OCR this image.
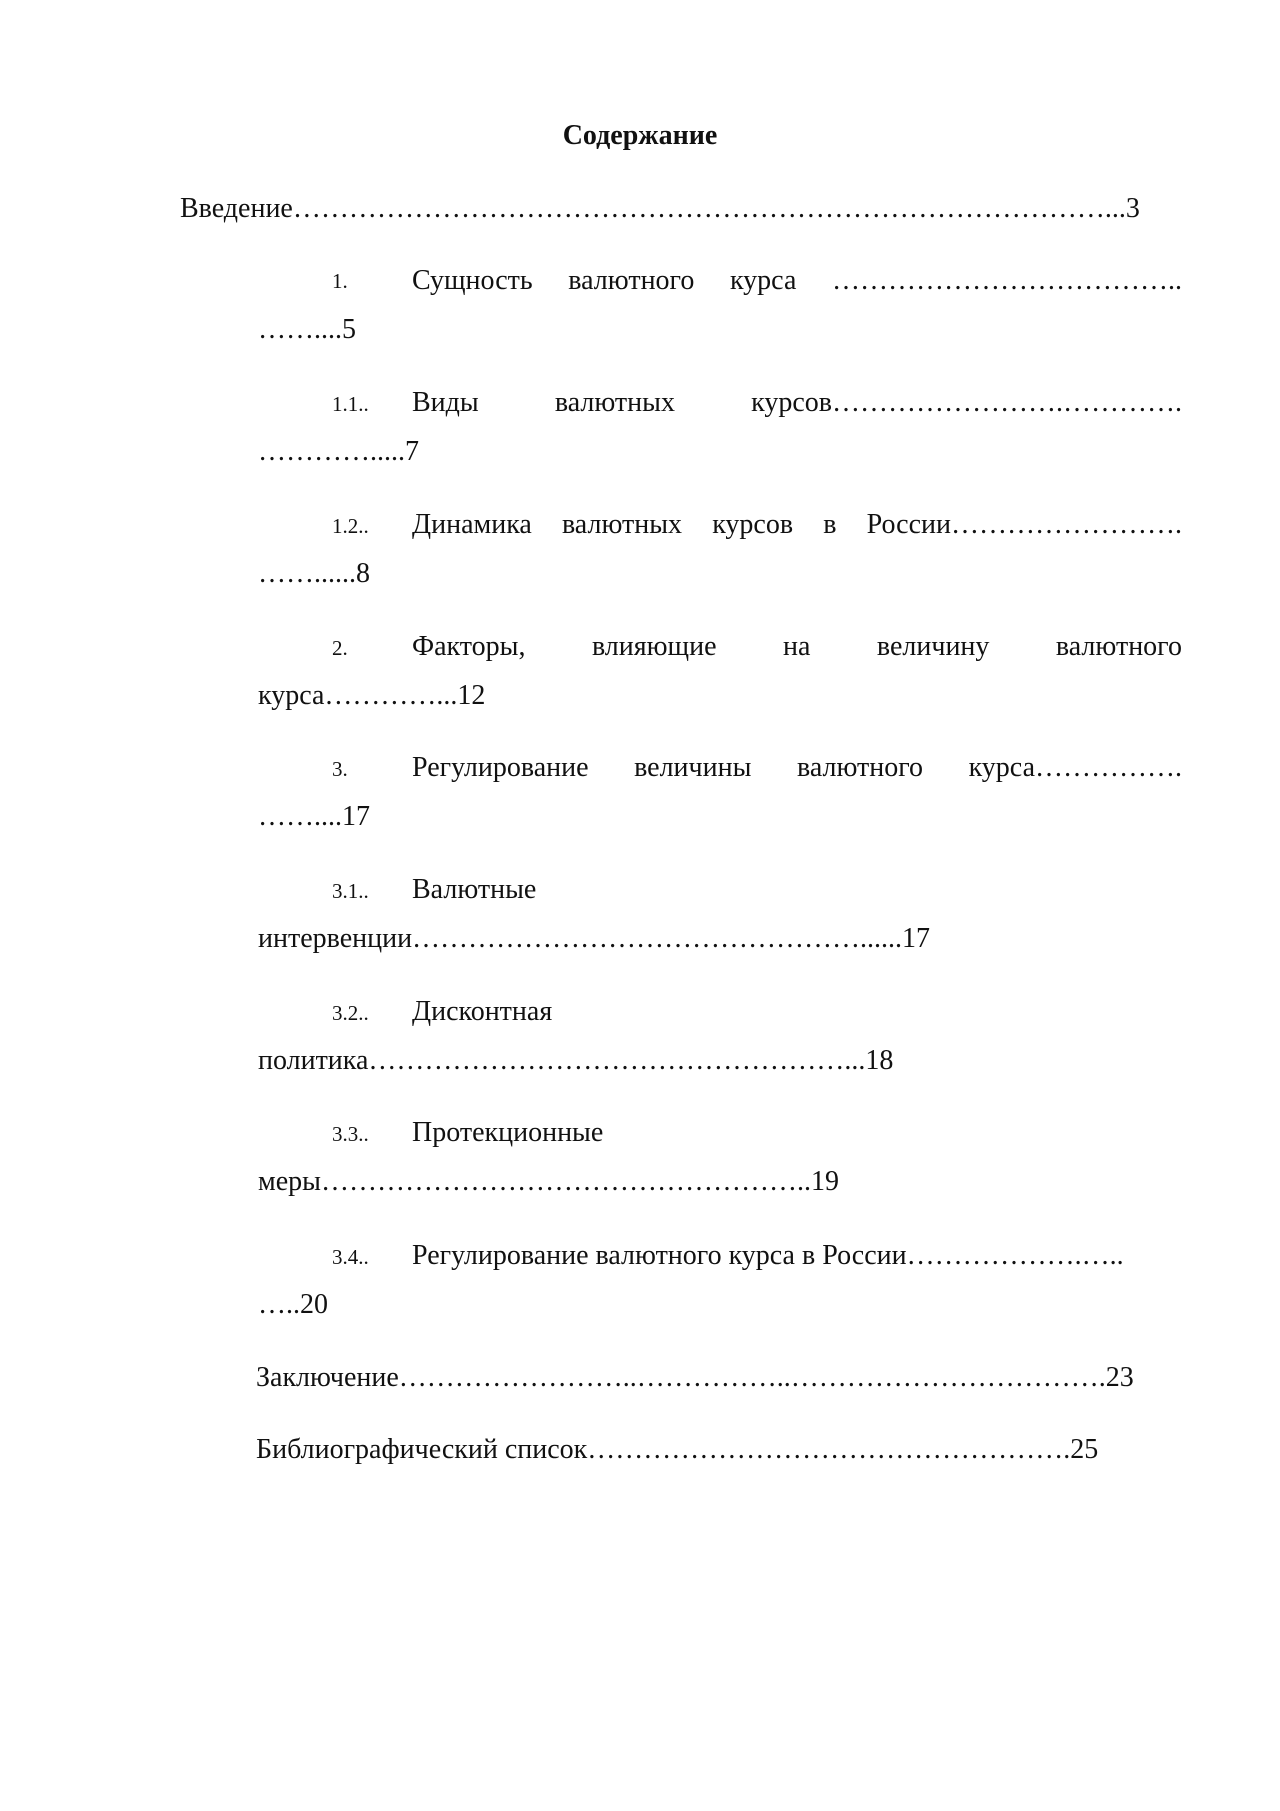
Содержание
Введение……………………………………………………………………………...3
1. Сущность валютного курса ………………………………..
……....5
1.1.. Виды	валютных	курсов…………………….………….
………….....7
1.2.. Динамика валютных курсов в России…………………….
……......8
2. Факторы, влияющие на величину валютного
курса…………...12
3. Регулирование величины валютного курса…………….
……....17
3.1.. Валютные
интервенции…………………………………………......17
3.2.. Дисконтная
политика……………………………………………...18
3.3.. Протекционные
меры……………………………………………..19
3.4.. Регулирование валютного курса в России……………….…..
…..20
Заключение……………………..……………..…………………………….23
Библиографический список…………………………………………….25
